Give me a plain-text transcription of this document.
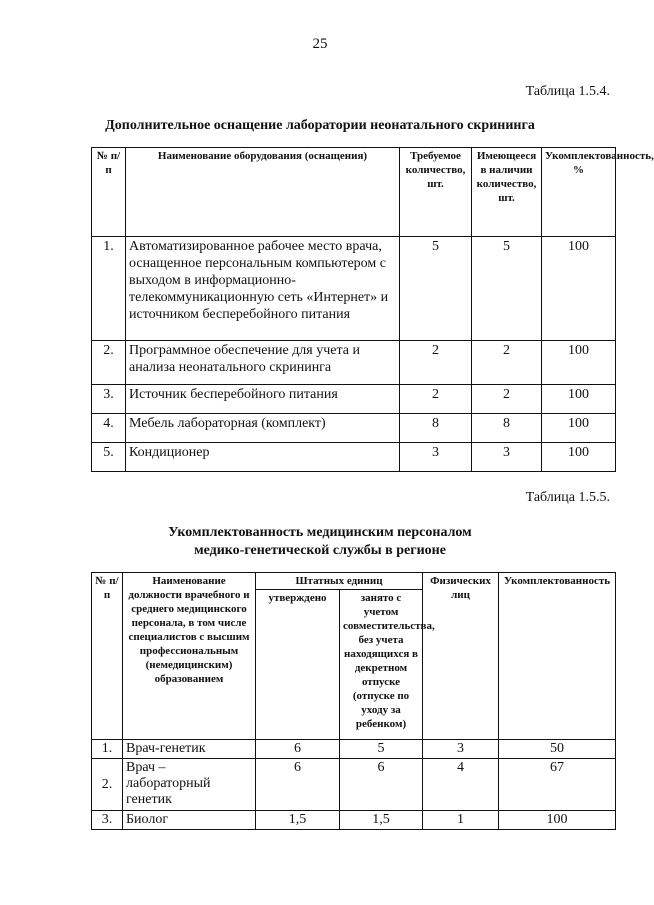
25
Таблица 1.5.4.
Дополнительное оснащение лаборатории неонатального скрининга
№ п/п	Наименование оборудования (оснащения)	Требуемое количество, шт.	Имеющееся в наличии количество, шт.	Укомплектованность, %
1.	Автоматизированное рабочее место врача, оснащенное персональным компьютером с выходом в информационно-телекоммуникационную сеть «Интернет» и источником бесперебойного питания	5	5	100
2.	Программное обеспечение для учета и анализа неонатального скрининга	2	2	100
3.	Источник бесперебойного питания	2	2	100
4.	Мебель лабораторная (комплект)	8	8	100
5.	Кондиционер	3	3	100
Таблица 1.5.5.
Укомплектованность медицинским персоналом
медико-генетической службы в регионе
№ п/п	Наименование должности врачебного и среднего медицинского персонала, в том числе специалистов с высшим профессиональным (немедицинским) образованием	Штатных единиц		Физических лиц	Укомплектованность
		утверждено	занято с учетом совместительства, без учета находящихся в декретном отпуске (отпуске по уходу за ребенком)		
1.	Врач-генетик	6	5	3	50
2.	Врач – лабораторный генетик	6	6	4	67
3.	Биолог	1,5	1,5	1	100
